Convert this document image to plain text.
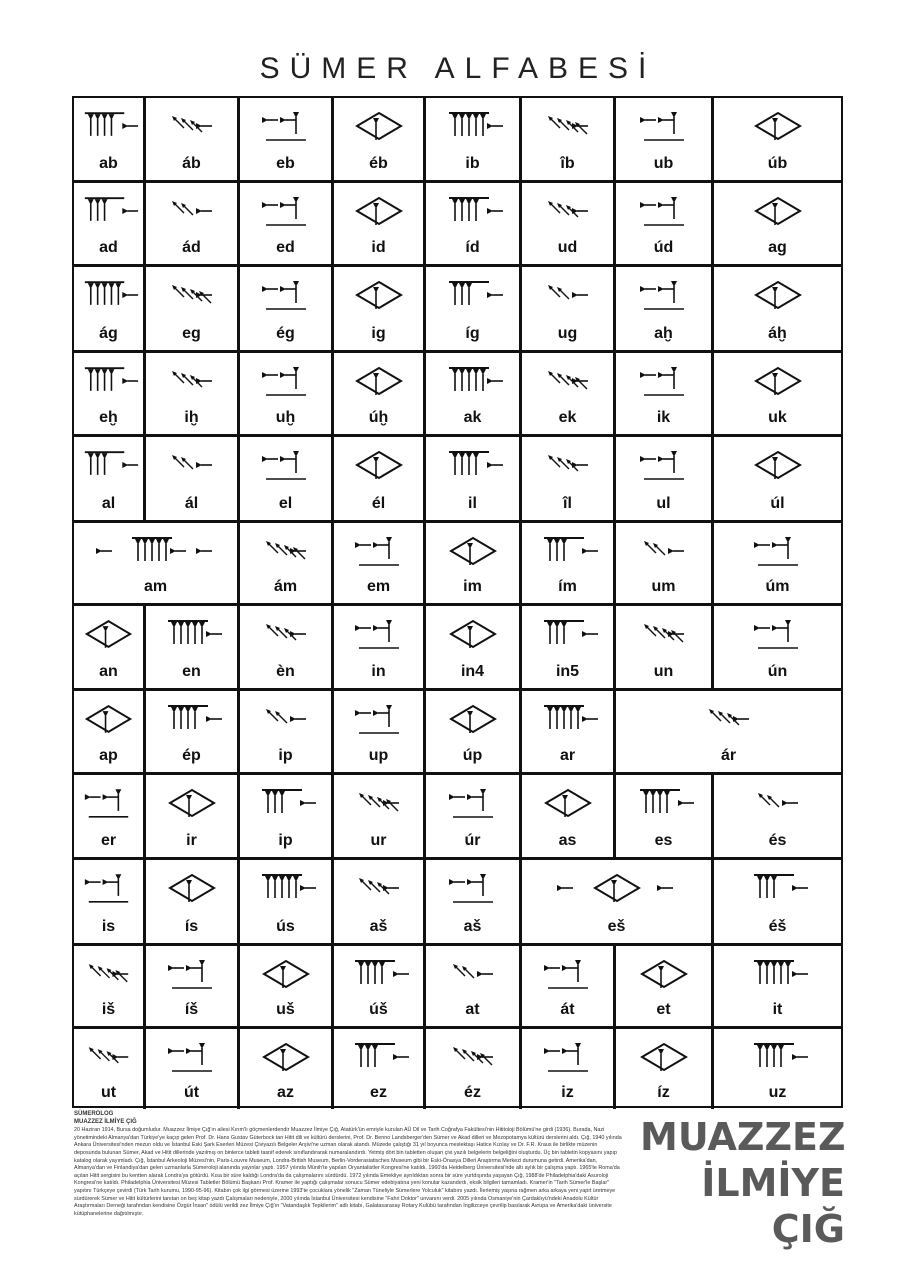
SÜMER ALFABESİ
ab	áb	eb	éb	ib	îb	ub	úb
ad	ád	ed	id	íd	ud	úd	ag
ág	eg	ég	ig	íg	ug	aḫ	áḫ
eḫ	iḫ	uḫ	úḫ	ak	ek	ik	uk
al	ál	el	él	il	îl	ul	úl
am	ám	em	im	ím	um	úm
an	en	èn	in	in4	in5	un	ún
ap	ép	ip	up	úp	ar	ár
er	ir	ip	ur	úr	as	es	és
is	ís	ús	aš	aš	eš	éš
iš	íš	uš	úš	at	át	et	it
ut	út	az	ez	éz	iz	íz	uz
SÜMEROLOG
MUAZZEZ İLMİYE ÇIĞ
20 Haziran 1914, Bursa doğumludur. Muazzez İlmiye Çığ'ın ailesi Kırım'lı göçmenlerdendir Muazzez İlmiye Çığ, Atatürk'ün emriyle kurulan AÜ Dil ve Tarih Coğrafya Fakültesi'nin Hititoloji Bölümü'ne girdi (1936). Burada, Nazi yönetimindeki Almanya'dan Türkiye'ye kaçıp gelen Prof. Dr. Hans Gustav Güterbock tan Hitit dili ve kültürü derslerini, Prof. Dr. Benno Landsberger'den Sümer ve Akad dilleri ve Mezopotamya kültürü derslerini aldı. Çığ, 1940 yılında Ankara Üniversitesi'nden mezun oldu ve İstanbul Eski Şark Eserleri Müzesi Çiviyazılı Belgeler Arşivi'ne uzman olarak atandı. Müzede çalıştığı 31 yıl boyunca meslektaşı Hatice Kızılay ve Dr. F.R. Kraus ile birlikte müzenin deposunda bulunan Sümer, Akad ve Hitit dillerinde yazılmış on binlerce tableti tasnif ederek sınıflandırarak numaralandırdı. Yetmiş dört bin tabletten oluşan çivi yazılı belgelerin belgeliğini oluşturdu. Üç bin tabletin kopyasını yapıp katalog olarak yayımladı. Çığ, İstanbul Arkeoloji Müzesi'nin, Paris-Louvre Museum, Londra-British Museum, Berlin-Vorderasiatisches Museum gibi bir Eski-Önasya Dilleri Araştırma Merkezi durumuna getirdi. Amerika'dan, Almanya'dan ve Finlandiya'dan gelen uzmanlarla Sümeroloji alanında yayınlar yaptı. 1957 yılında Münih'te yapılan Oryantalistler Kongresi'ne katıldı. 1960'da Heidelberg Üniversitesi'nde altı aylık bir çalışma yaptı. 1965'te Roma'da açılan Hitit sergisini bu kentten alarak Londra'ya götürdü. Kısa bir süre kaldığı Londra'da da çalışmalarını sürdürdü. 1972 yılında Emekliye ayrıldıktan sonra bir süre yurtdışında yaşayan Çığ, 1988'de Philadelphia'daki Asuroloji Kongresi'ne katıldı. Philadelphia Üniversitesi Müzesi Tabletler Bölümü Başkanı Prof. Kramer ile yaptığı çalışmalar sonucu Sümer edebiyatına yeni konular kazandırdı, eksik bilgileri tamamladı. Kramer'in "Tarih Sümer'le Başlar" yapıtını Türkçeye çevirdi (Türk Tarih kurumu, 1990-95-96). Kitabın çok ilgi görmesi üzerine 1993'te çocuklara yönelik "Zaman Tüneliyle Sümerlere Yolculuk" kitabını yazdı. İlerlemiş yaşına rağmen arka arkaya yeni yapıt üretmeye sürdürerek Sümer ve Hitit kültürlerini tanıtan on beş kitap yazdı Çalışmaları nedeniyle, 2000 yılında İstanbul Üniversitesi kendisine "Fahri Doktor" unvanını verdi. 2005 yılında Osmaniye'nin Çardaklıyü'ndeki Anadolu Kültür Araştırmaları Derneği tarafından kendisine Özgür İnsan" ödülü verildi zez İlmiye Çığ'ın "Vatandaşlık Tepkilerim" adlı kitabı, Galatasarasay Rotary Kulübü tarafından İngilizceye çevrilip basılarak Avrupa ve Amerika'daki üniversite kütüphanelerine dağıtılmıştır.
MUAZZEZ
İLMİYE
ÇIĞ
